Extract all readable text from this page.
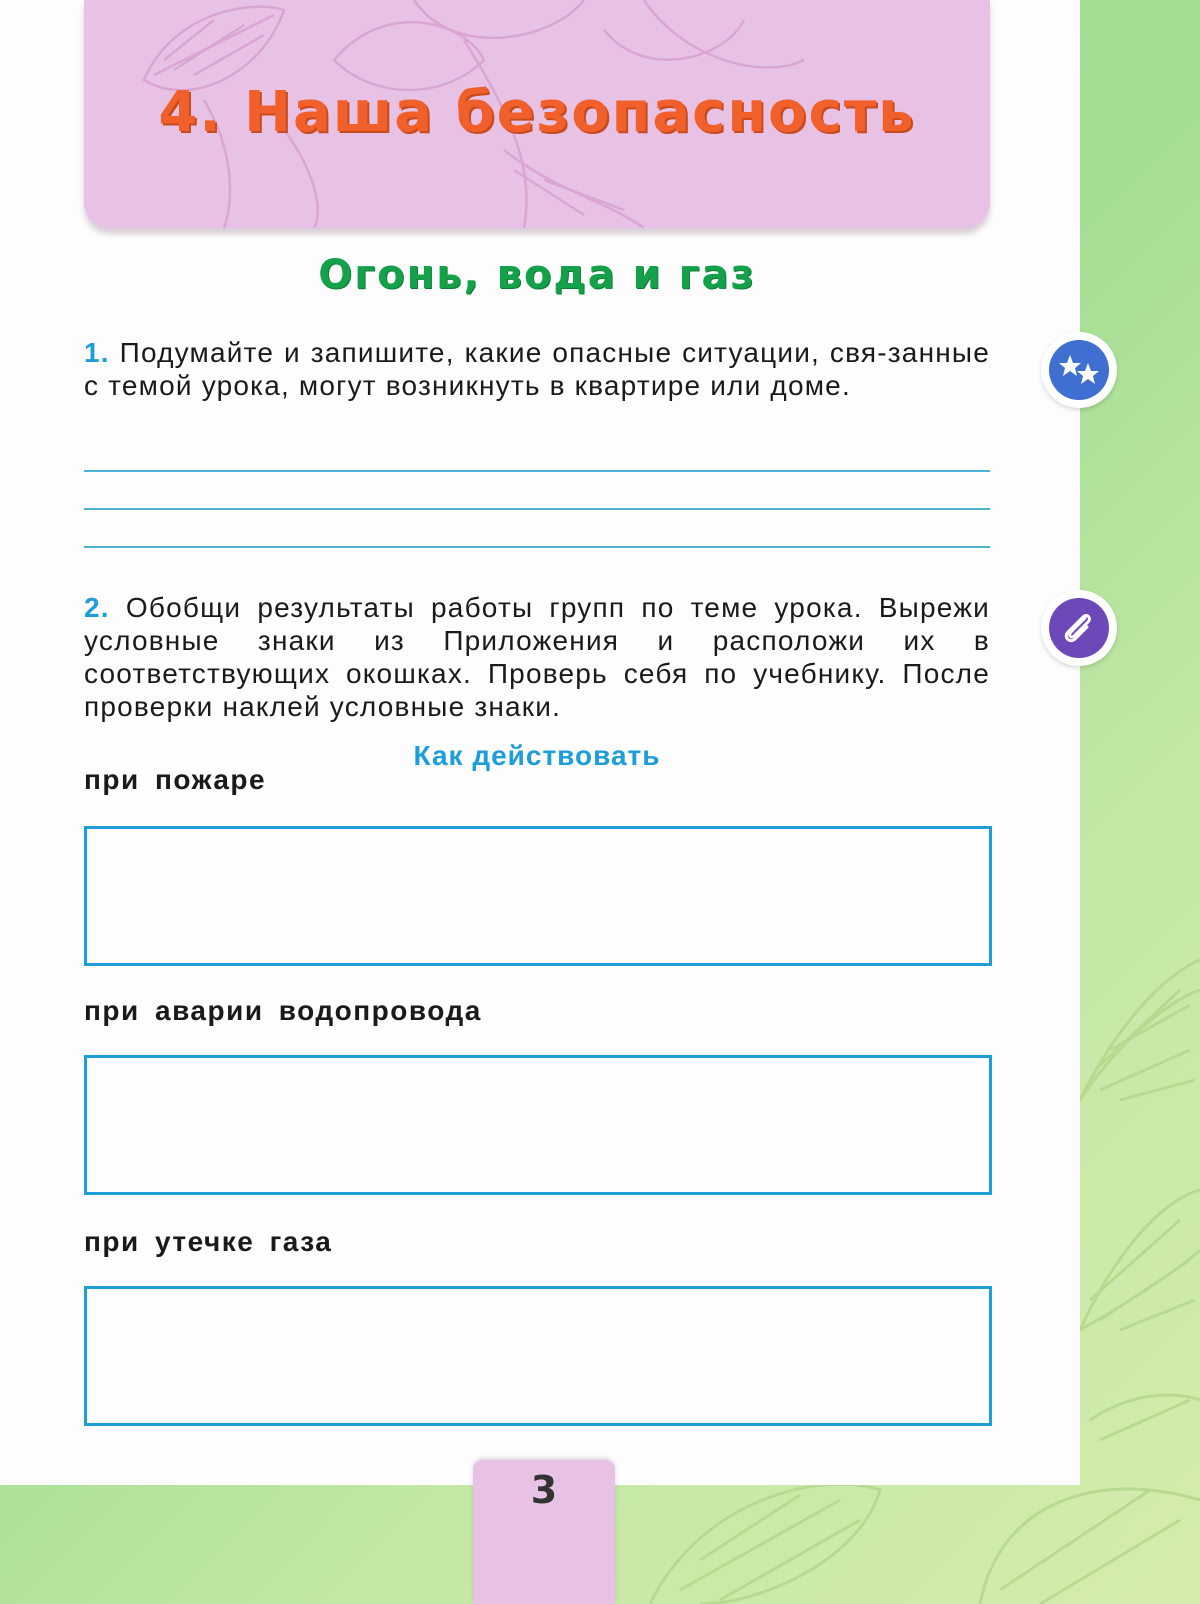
4. Наша безопасность
Огонь, вода и газ
1. Подумайте и запишите, какие опасные ситуации, свя-занные с темой урока, могут возникнуть в квартире или доме.
2. Обобщи результаты работы групп по теме урока. Вырежи условные знаки из Приложения и расположи их в соответствующих окошках. Проверь себя по учебнику. После проверки наклей условные знаки.
Как действовать
при пожаре
при аварии водопровода
при утечке газа
3
